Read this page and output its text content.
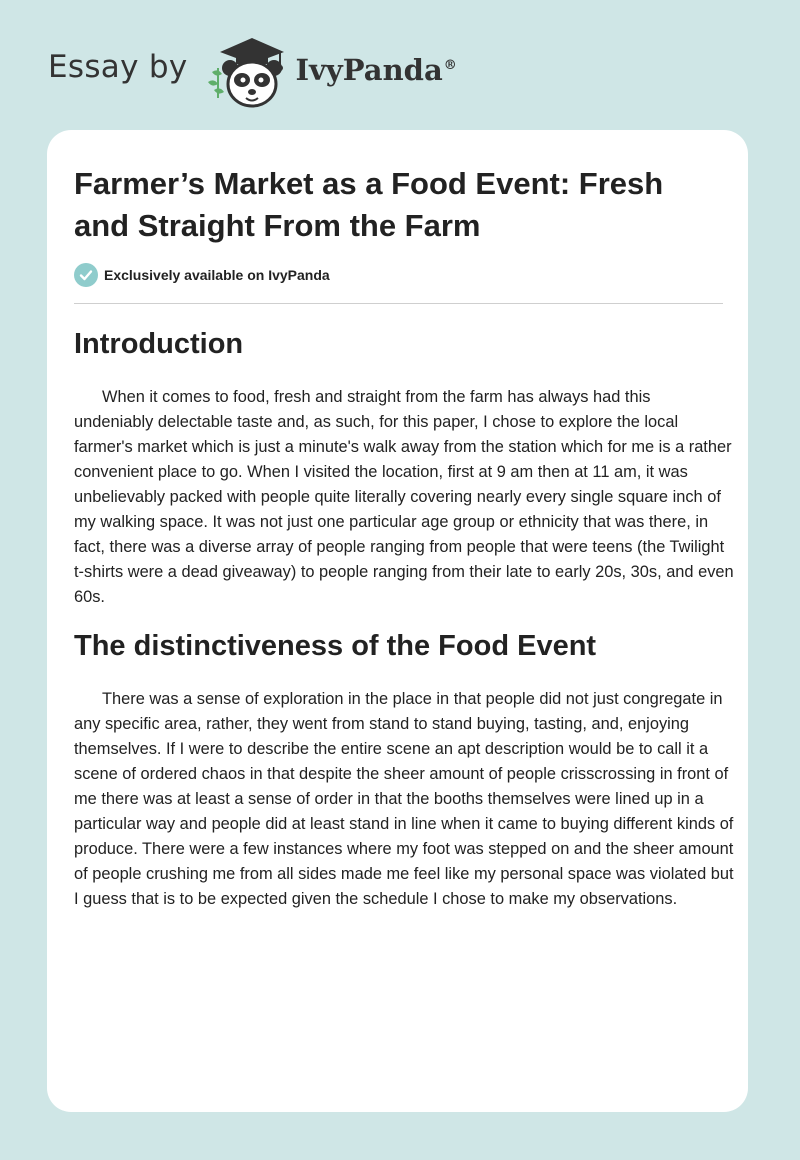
Essay by	IvyPanda®
Farmer’s Market as a Food Event: Fresh and Straight From the Farm
Exclusively available on IvyPanda
Introduction

When it comes to food, fresh and straight from the farm has always had this undeniably delectable taste and, as such, for this paper, I chose to explore the local farmer's market which is just a minute's walk away from the station which for me is a rather convenient place to go. When I visited the location, first at 9 am then at 11 am, it was unbelievably packed with people quite literally covering nearly every single square inch of my walking space. It was not just one particular age group or ethnicity that was there, in fact, there was a diverse array of people ranging from people that were teens (the Twilight t-shirts were a dead giveaway) to people ranging from their late to early 20s, 30s, and even 60s.

The distinctiveness of the Food Event

There was a sense of exploration in the place in that people did not just congregate in any specific area, rather, they went from stand to stand buying, tasting, and, enjoying themselves. If I were to describe the entire scene an apt description would be to call it a scene of ordered chaos in that despite the sheer amount of people crisscrossing in front of me there was at least a sense of order in that the booths themselves were lined up in a particular way and people did at least stand in line when it came to buying different kinds of produce. There were a few instances where my foot was stepped on and the sheer amount of people crushing me from all sides made me feel like my personal space was violated but I guess that is to be expected given the schedule I chose to make my observations.
